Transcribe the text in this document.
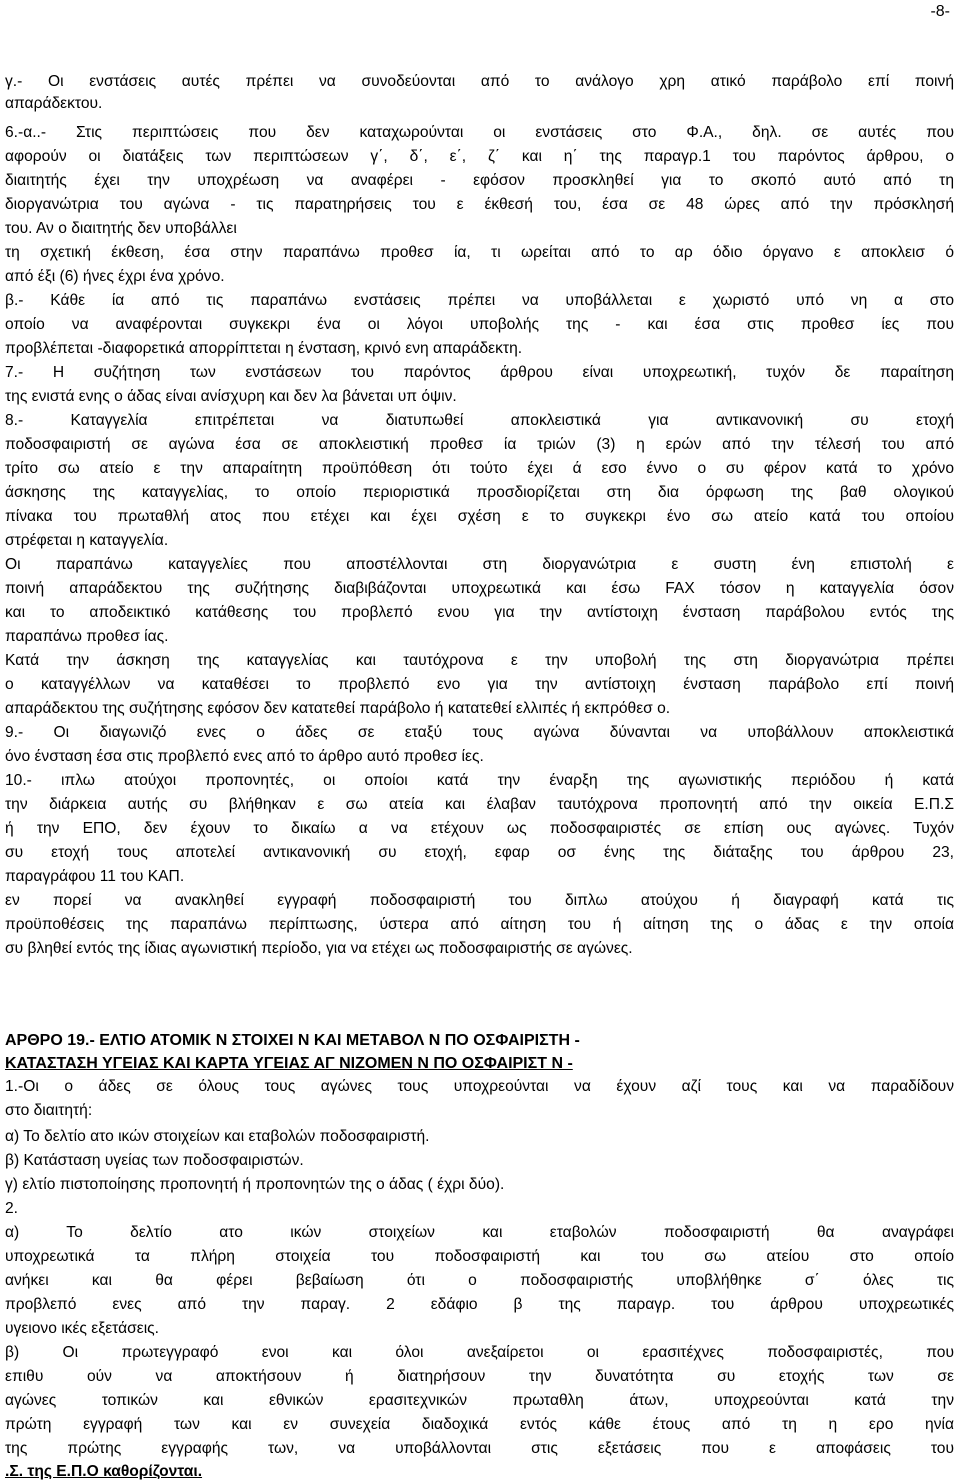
-8-
γ.- Οι ενστάσεις αυτές πρέπει να συνοδεύονται από το ανάλογο χρη ατικό παράβολο επί ποινή
απαράδεκτου.
6.-α..- Στις περιπτώσεις που δεν καταχωρούνται οι ενστάσεις στο Φ.Α., δηλ. σε αυτές που
αφορούν οι διατάξεις των περιπτώσεων γ΄, δ΄, ε΄, ζ΄ και η΄ της παραγρ.1 του παρόντος άρθρου, ο
διαιτητής έχει την υποχρέωση να αναφέρει - εφόσον προσκληθεί για το σκοπό αυτό από τη
διοργανώτρια του αγώνα - τις παρατηρήσεις του ε έκθεσή του, έσα σε 48 ώρες από την πρόσκλησή
του. Αν ο διαιτητής δεν υποβάλλει
τη σχετική έκθεση, έσα στην παραπάνω προθεσ ία, τι ωρείται από το αρ όδιο όργανο ε αποκλεισ ό
από έξι (6) ήνες έχρι ένα χρόνο.
β.- Κάθε ία από τις παραπάνω ενστάσεις πρέπει να υποβάλλεται ε χωριστό υπό νη α στο
οποίο να αναφέρονται συγκεκρι ένα οι λόγοι υποβολής της - και έσα στις προθεσ ίες που
προβλέπεται -διαφορετικά απορρίπτεται η ένσταση, κρινό ενη απαράδεκτη.
7.- Η συζήτηση των ενστάσεων του παρόντος άρθρου είναι υποχρεωτική, τυχόν δε παραίτηση
της ενιστά ενης ο άδας είναι ανίσχυρη και δεν λα βάνεται υπ όψιν.
8.- Καταγγελία επιτρέπεται να διατυπωθεί αποκλειστικά για αντικανονική συ ετοχή
ποδοσφαιριστή σε αγώνα έσα σε αποκλειστική προθεσ ία τριών (3) η ερών από την τέλεσή του από
τρίτο σω ατείο ε την απαραίτητη προϋπόθεση ότι τούτο έχει ά εσο έννο ο συ φέρον κατά το χρόνο
άσκησης της καταγγελίας, το οποίο περιοριστικά προσδιορίζεται στη δια όρφωση της βαθ ολογικού
πίνακα του πρωταθλή ατος που ετέχει και έχει σχέση ε το συγκεκρι ένο σω ατείο κατά του οποίου
στρέφεται η καταγγελία.
Οι παραπάνω καταγγελίες που αποστέλλονται στη διοργανώτρια ε συστη ένη επιστολή ε
ποινή απαράδεκτου της συζήτησης διαβιβάζονται υποχρεωτικά και έσω FAX τόσον η καταγγελία όσον
και το αποδεικτικό κατάθεσης του προβλεπό ενου για την αντίστοιχη ένσταση παράβολου εντός της
παραπάνω προθεσ ίας.
Κατά την άσκηση της καταγγελίας και ταυτόχρονα ε την υποβολή της στη διοργανώτρια πρέπει
ο καταγγέλλων να καταθέσει το προβλεπό ενο για την αντίστοιχη ένσταση παράβολο επί ποινή
απαράδεκτου της συζήτησης εφόσον δεν κατατεθεί παράβολο ή κατατεθεί ελλιπές ή εκπρόθεσ ο.
9.- Οι διαγωνιζό ενες ο άδες σε εταξύ τους αγώνα δύνανται να υποβάλλουν αποκλειστικά
όνο ένσταση έσα στις προβλεπό ενες από το άρθρο αυτό προθεσ ίες.
10.- ιπλω ατούχοι προπονητές, οι οποίοι κατά την έναρξη της αγωνιστικής περιόδου ή κατά
την διάρκεια αυτής συ βλήθηκαν ε σω ατεία και έλαβαν ταυτόχρονα προπονητή από την οικεία Ε.Π.Σ
ή την ΕΠΟ, δεν έχουν το δικαίω α να ετέχουν ως ποδοσφαιριστές σε επίση ους αγώνες. Τυχόν
συ ετοχή τους αποτελεί αντικανονική συ ετοχή, εφαρ οσ ένης της διάταξης του άρθρου 23,
παραγράφου 11 του ΚΑΠ.
εν πορεί να ανακληθεί εγγραφή ποδοσφαιριστή του διπλω ατούχου ή διαγραφή κατά τις
προϋποθέσεις της παραπάνω περίπτωσης, ύστερα από αίτηση του ή αίτηση της ο άδας ε την οποία
συ βληθεί εντός της ίδιας αγωνιστική περίοδο, για να ετέχει ως ποδοσφαιριστής σε αγώνες.
ΑΡΘΡΟ 19.- ΕΛΤΙΟ ΑΤΟΜΙΚ Ν ΣΤΟΙΧΕΙ Ν ΚΑΙ ΜΕΤΑΒΟΛ Ν ΠΟ ΟΣΦΑΙΡΙΣΤΗ -
ΚΑΤΑΣΤΑΣΗ ΥΓΕΙΑΣ ΚΑΙ ΚΑΡΤΑ ΥΓΕΙΑΣ ΑΓ ΝΙΖΟΜΕΝ Ν ΠΟ ΟΣΦΑΙΡΙΣΤ Ν -
1.-Οι ο άδες σε όλους τους αγώνες τους υποχρεούνται να έχουν αζί τους και να παραδίδουν
στο διαιτητή:
α) Το δελτίο ατο ικών στοιχείων και εταβολών ποδοσφαιριστή.
β) Κατάσταση υγείας των ποδοσφαιριστών.
γ) ελτίο πιστοποίησης προπονητή ή προπονητών της ο άδας ( έχρι δύο).
2.
α) Το δελτίο ατο ικών στοιχείων και εταβολών ποδοσφαιριστή θα αναγράφει
υποχρεωτικά τα πλήρη στοιχεία του ποδοσφαιριστή και του σω ατείου στο οποίο
ανήκει και θα φέρει βεβαίωση ότι ο ποδοσφαιριστής υποβλήθηκε σ΄ όλες τις
προβλεπό ενες από την παραγ. 2 εδάφιο β της παραγρ. του άρθρου υποχρεωτικές
υγειονο ικές εξετάσεις.
β) Οι πρωτεγγραφό ενοι και όλοι ανεξαίρετοι οι ερασιτέχνες ποδοσφαιριστές, που
επιθυ ούν να αποκτήσουν ή διατηρήσουν την δυνατότητα συ ετοχής των σε
αγώνες τοπικών και εθνικών ερασιτεχνικών πρωταθλη άτων, υποχρεούνται κατά την
πρώτη εγγραφή των και εν συνεχεία διαδοχικά εντός κάθε έτους από τη η ερο ηνία
της πρώτης εγγραφής των, να υποβάλλονται στις εξετάσεις που ε αποφάσεις του
.Σ. της Ε.Π.Ο καθορίζονται.
